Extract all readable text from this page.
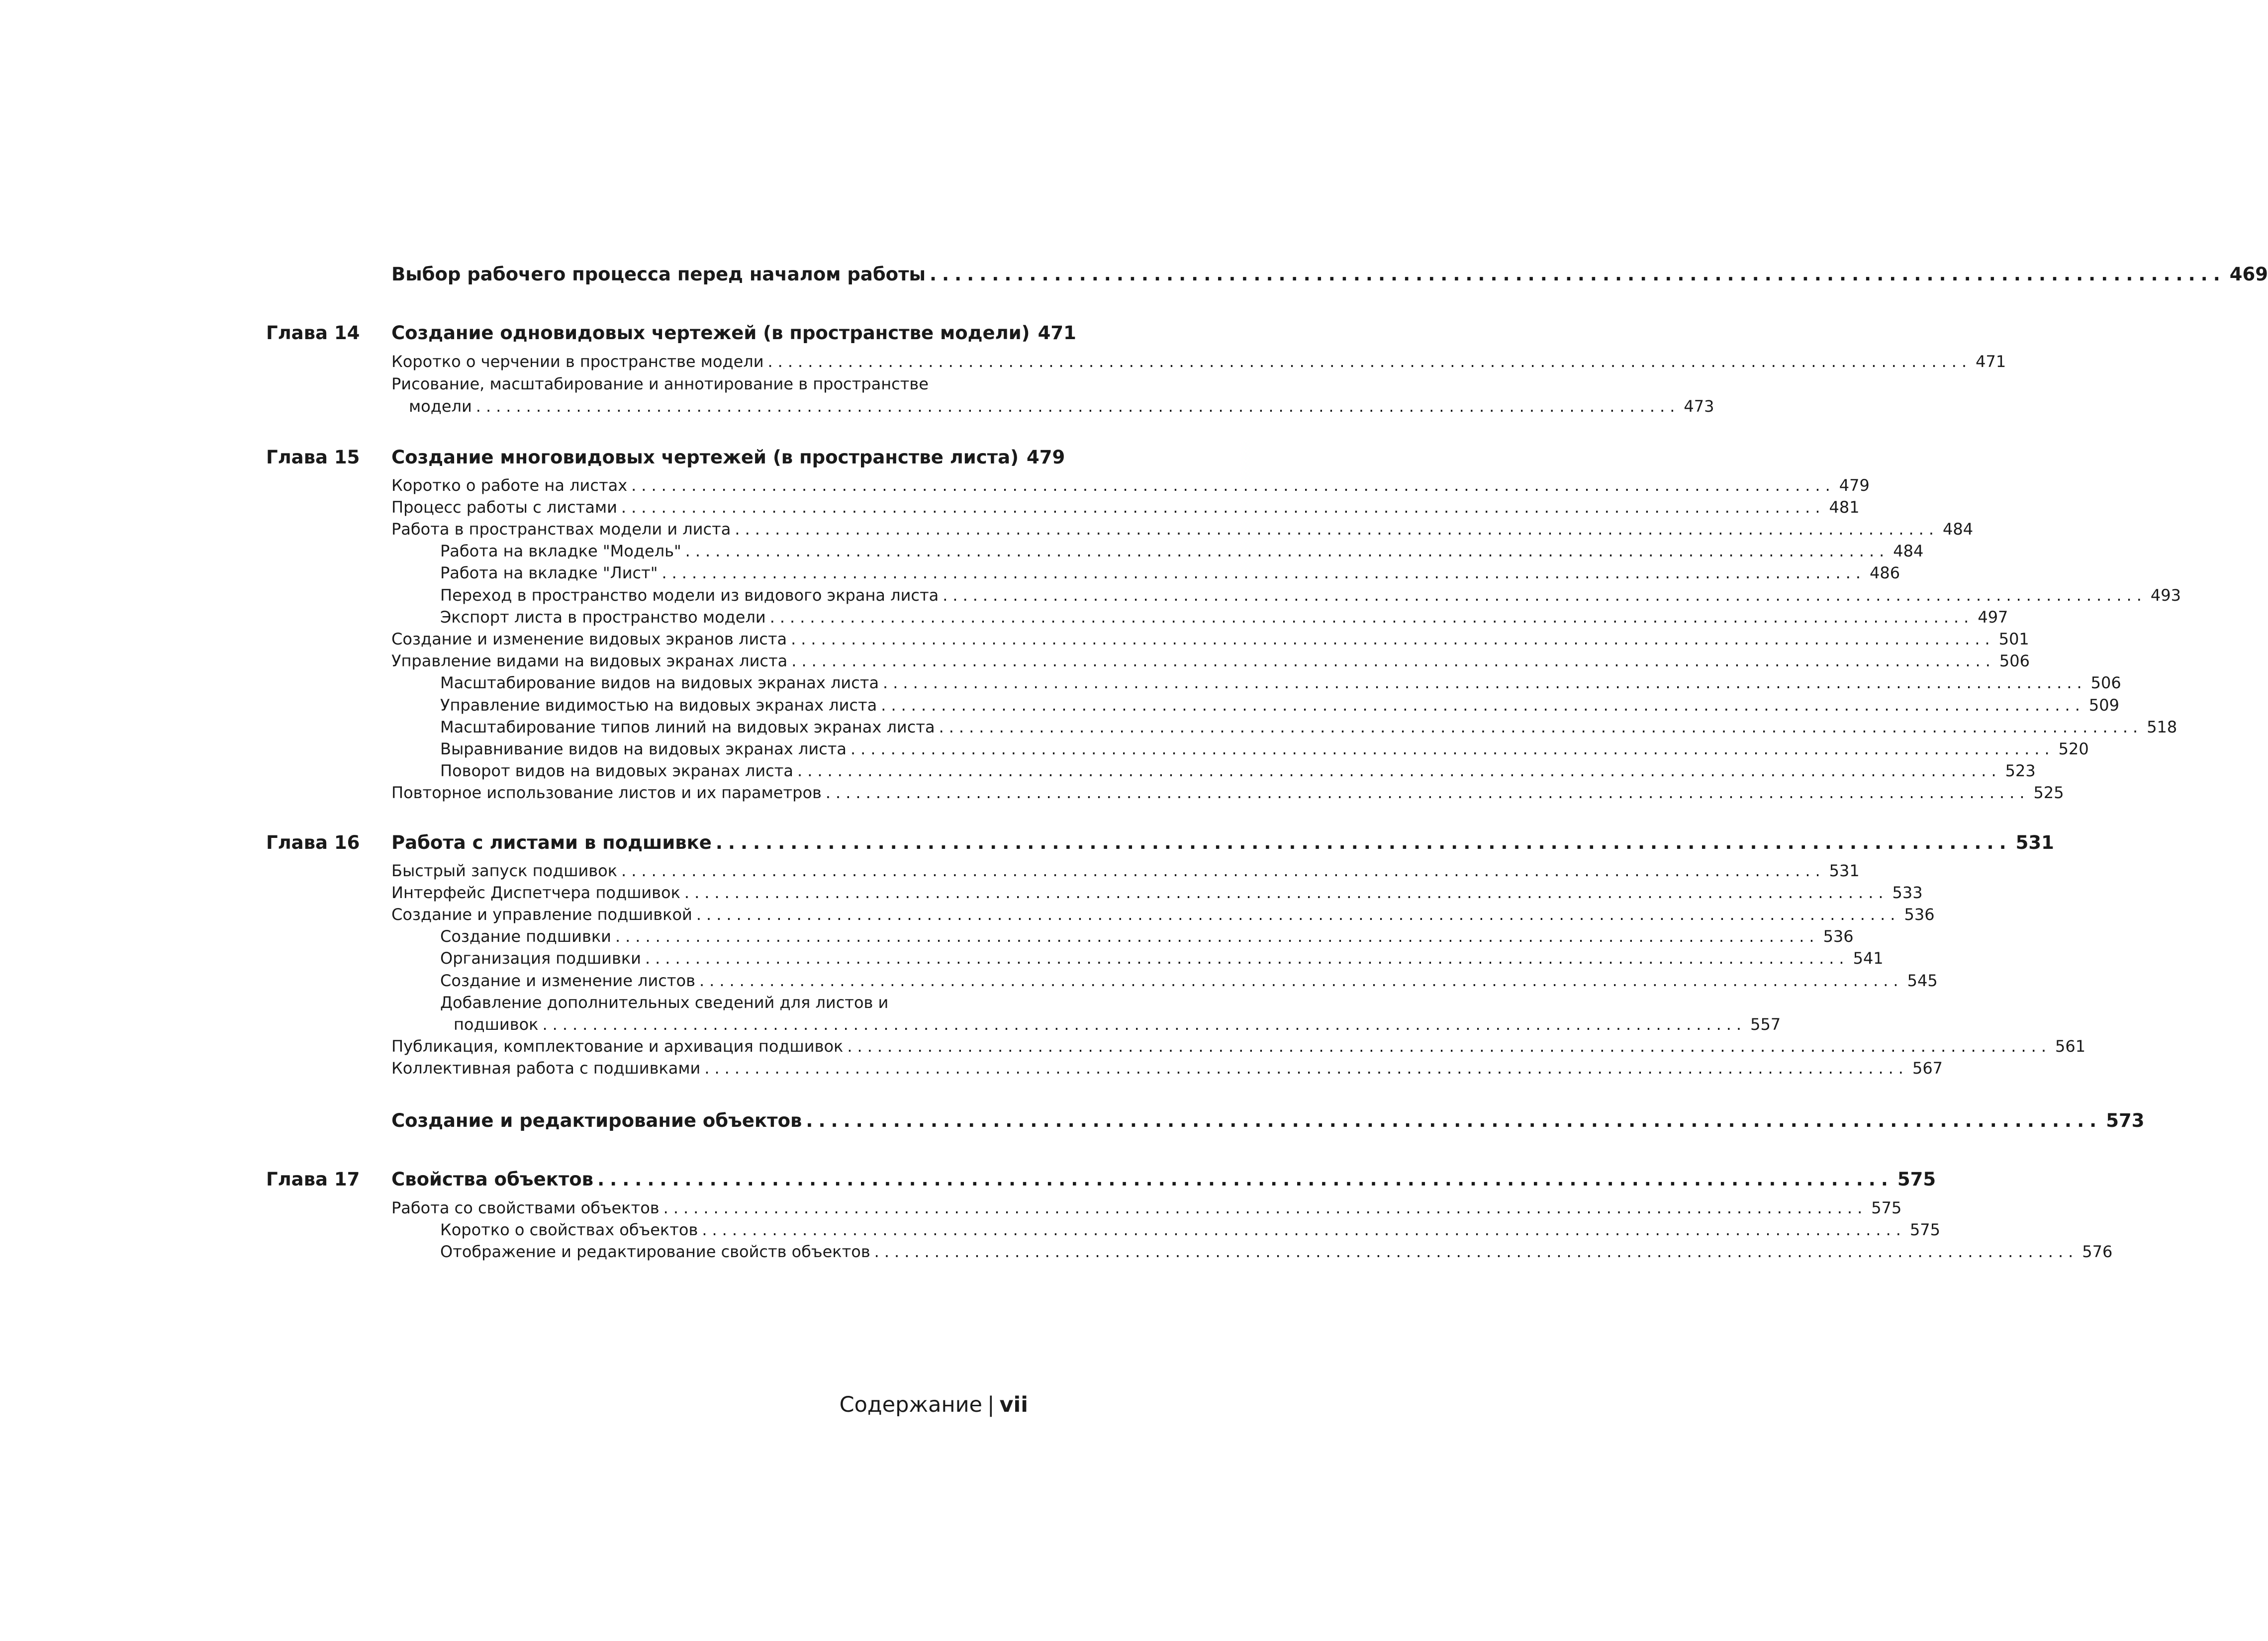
Выбор рабочего процесса перед началом работы ........................................................................................................ 469
Глава 14 Создание одновидовых чертежей (в пространстве модели) 471
Коротко о черчении в пространстве модели ........................................................................................................................ 471
Рисование, масштабирование и аннотирование в пространстве
модели ........................................................................................................................ 473
Глава 15 Создание многовидовых чертежей (в пространстве листа) 479
Коротко о работе на листах ........................................................................................................................ 479
Процесс работы с листами ........................................................................................................................ 481
Работа в пространствах модели и листа ........................................................................................................................ 484
Работа на вкладке "Модель" ........................................................................................................................ 484
Работа на вкладке "Лист" ........................................................................................................................ 486
Переход в пространство модели из видового экрана листа ........................................................................................................................ 493
Экспорт листа в пространство модели ........................................................................................................................ 497
Создание и изменение видовых экранов листа ........................................................................................................................ 501
Управление видами на видовых экранах листа ........................................................................................................................ 506
Масштабирование видов на видовых экранах листа ........................................................................................................................ 506
Управление видимостью на видовых экранах листа ........................................................................................................................ 509
Масштабирование типов линий на видовых экранах листа ........................................................................................................................ 518
Выравнивание видов на видовых экранах листа ........................................................................................................................ 520
Поворот видов на видовых экранах листа ........................................................................................................................ 523
Повторное использование листов и их параметров ........................................................................................................................ 525
Глава 16 Работа с листами в подшивке ........................................................................................................ 531
Быстрый запуск подшивок ........................................................................................................................ 531
Интерфейс Диспетчера подшивок ........................................................................................................................ 533
Создание и управление подшивкой ........................................................................................................................ 536
Создание подшивки ........................................................................................................................ 536
Организация подшивки ........................................................................................................................ 541
Создание и изменение листов ........................................................................................................................ 545
Добавление дополнительных сведений для листов и
подшивок ........................................................................................................................ 557
Публикация, комплектование и архивация подшивок ........................................................................................................................ 561
Коллективная работа с подшивками ........................................................................................................................ 567
Создание и редактирование объектов ........................................................................................................ 573
Глава 17 Свойства объектов ........................................................................................................ 575
Работа со свойствами объектов ........................................................................................................................ 575
Коротко о свойствах объектов ........................................................................................................................ 575
Отображение и редактирование свойств объектов ........................................................................................................................ 576
Содержание | vii
